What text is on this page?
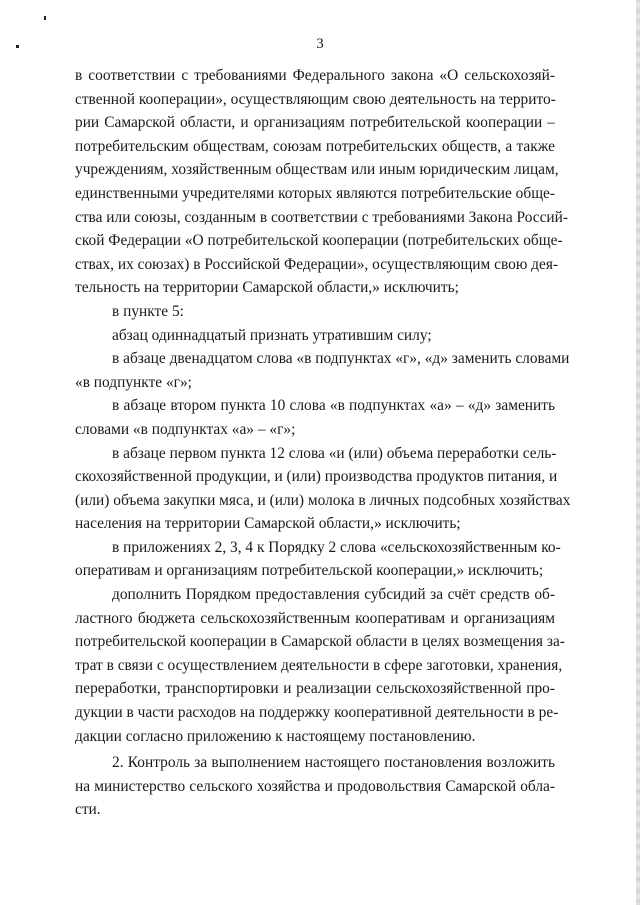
3
в соответствии с требованиями Федерального закона «О сельскохозяй-
ственной кооперации», осуществляющим свою деятельность на террито-
рии Самарской области, и организациям потребительской кооперации –
потребительским обществам, союзам потребительских обществ, а также
учреждениям, хозяйственным обществам или иным юридическим лицам,
единственными учредителями которых являются потребительские обще-
ства или союзы, созданным в соответствии с требованиями Закона Россий-
ской Федерации «О потребительской кооперации (потребительских обще-
ствах, их союзах) в Российской Федерации», осуществляющим свою дея-
тельность на территории Самарской области,» исключить;
в пункте 5:
абзац одиннадцатый признать утратившим силу;
в абзаце двенадцатом слова «в подпунктах «г», «д» заменить словами
«в подпункте «г»;
в абзаце втором пункта 10 слова «в подпунктах «а» – «д» заменить
словами «в подпунктах «а» – «г»;
в абзаце первом пункта 12 слова «и (или) объема переработки сель-
скохозяйственной продукции, и (или) производства продуктов питания, и
(или) объема закупки мяса, и (или) молока в личных подсобных хозяйствах
населения на территории Самарской области,» исключить;
в приложениях 2, 3, 4 к Порядку 2 слова «сельскохозяйственным ко-
оперативам и организациям потребительской кооперации,» исключить;
дополнить Порядком предоставления субсидий за счёт средств об-
ластного бюджета сельскохозяйственным кооперативам и организациям
потребительской кооперации в Самарской области в целях возмещения за-
трат в связи с осуществлением деятельности в сфере заготовки, хранения,
переработки, транспортировки и реализации сельскохозяйственной про-
дукции в части расходов на поддержку кооперативной деятельности в ре-
дакции согласно приложению к настоящему постановлению.
2. Контроль за выполнением настоящего постановления возложить
на министерство сельского хозяйства и продовольствия Самарской обла-
сти.
